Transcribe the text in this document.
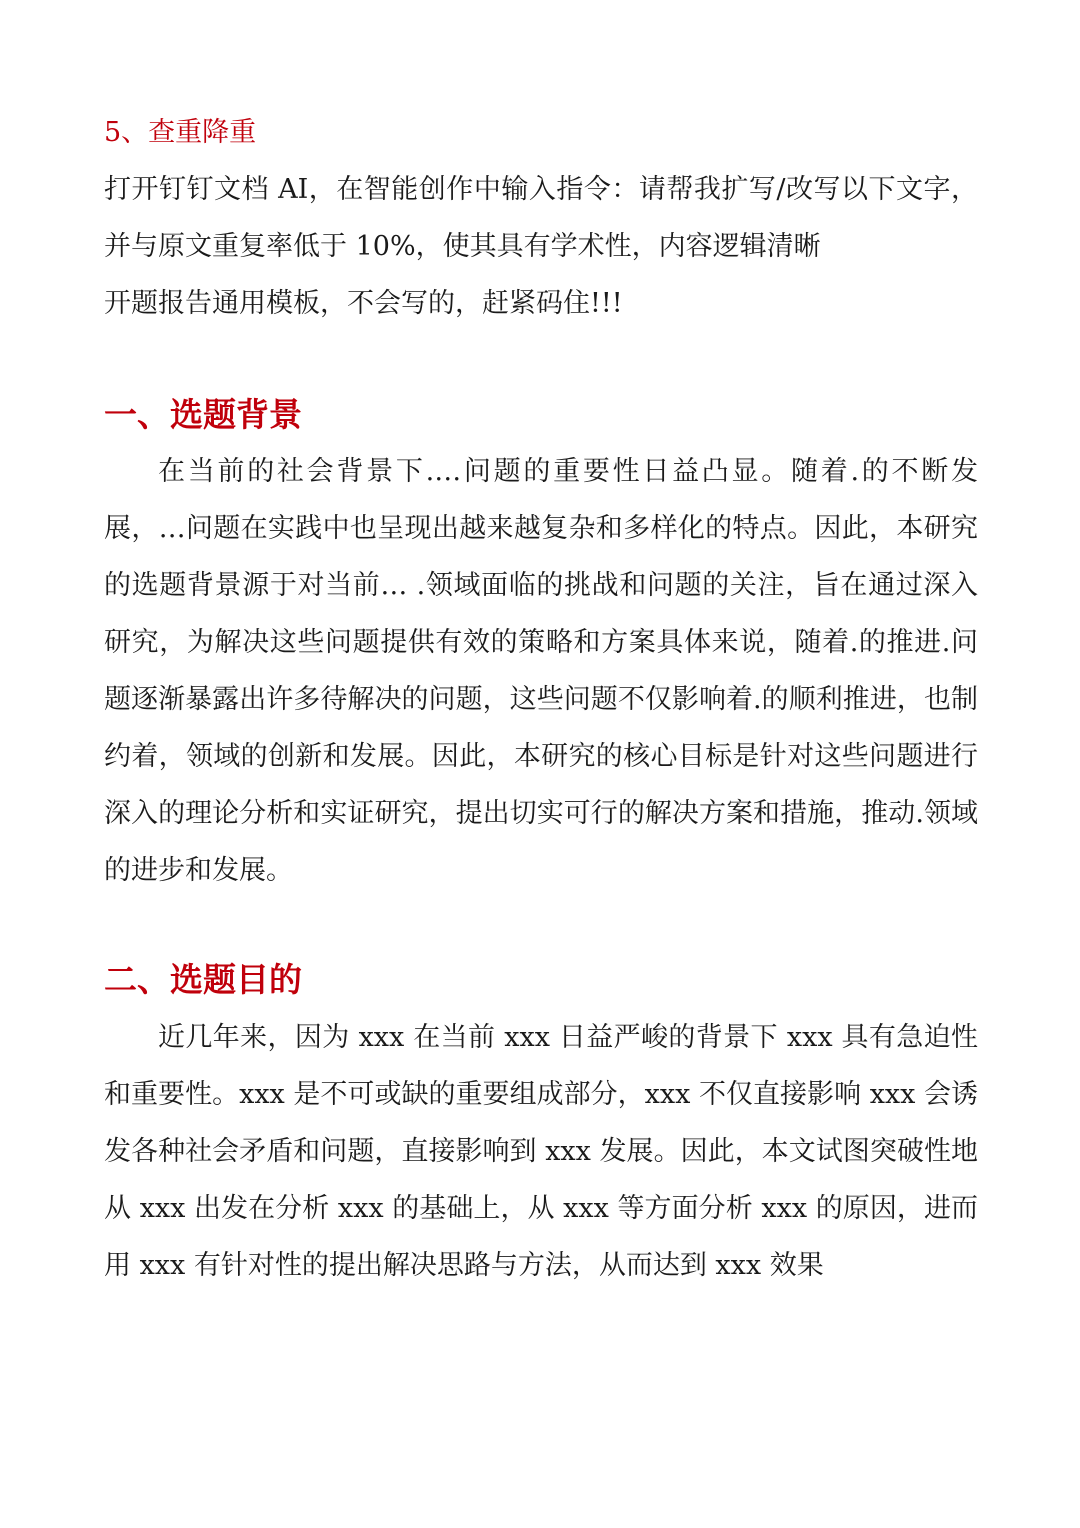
5、查重降重

打开钉钉文档 AI，在智能创作中输入指令：请帮我扩写/改写以下文字，并与原文重复率低于 10%，使其具有学术性，内容逻辑清晰
开题报告通用模板，不会写的，赶紧码住!!!
一、选题背景

在当前的社会背景下.…问题的重要性日益凸显。随着.的不断发展，…问题在实践中也呈现出越来越复杂和多样化的特点。因此，本研究的选题背景源于对当前… .领域面临的挑战和问题的关注，旨在通过深入研究，为解决这些问题提供有效的策略和方案具体来说，随着.的推进.问题逐渐暴露出许多待解决的问题，这些问题不仅影响着.的顺利推进，也制约着，领域的创新和发展。因此，本研究的核心目标是针对这些问题进行深入的理论分析和实证研究，提出切实可行的解决方案和措施，推动.领域的进步和发展。

二、选题目的

近几年来，因为 xxx 在当前 xxx 日益严峻的背景下 xxx 具有急迫性和重要性。xxx 是不可或缺的重要组成部分，xxx 不仅直接影响 xxx 会诱发各种社会矛盾和问题，直接影响到 xxx 发展。因此，本文试图突破性地从 xxx 出发在分析 xxx 的基础上，从 xxx 等方面分析 xxx 的原因，进而用 xxx 有针对性的提出解决思路与方法，从而达到 xxx 效果
